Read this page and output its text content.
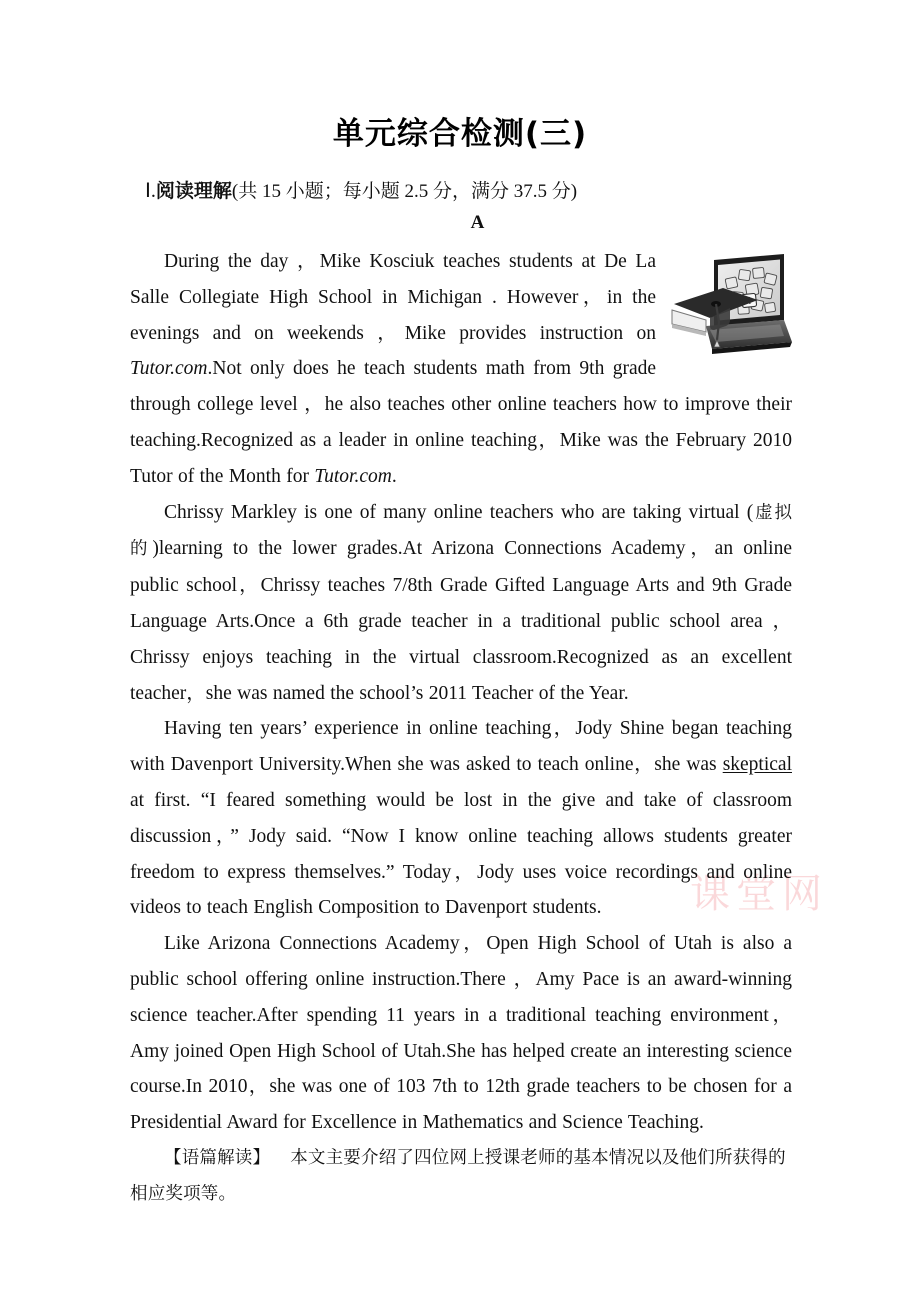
课堂网
单元综合检测(三)
Ⅰ.阅读理解(共 15 小题；每小题 2.5 分，满分 37.5 分)
A

During the day ，Mike Kosciuk teaches students at De La Salle Collegiate High School in Michigan . However，in the evenings and on weekends ，Mike provides instruction on Tutor.com.Not only does he teach students math from 9th grade through college level ，he also teaches other online teachers how to improve their teaching.Recognized as a leader in online teaching，Mike was the February 2010 Tutor of the Month for Tutor.com.

Chrissy Markley is one of many online teachers who are taking virtual (虚拟的)learning to the lower grades.At Arizona Connections Academy，an online public school，Chrissy teaches 7/8th Grade Gifted Language Arts and 9th Grade Language Arts.Once a 6th grade teacher in a traditional public school area ，Chrissy enjoys teaching in the virtual classroom.Recognized as an excellent teacher，she was named the school’s 2011 Teacher of the Year.

Having ten years’ experience in online teaching，Jody Shine began teaching with Davenport University.When she was asked to teach online，she was skeptical at first. “I feared something would be lost in the give and take of classroom discussion，” Jody said. “Now I know online teaching allows students greater freedom to express themselves.” Today，Jody uses voice recordings and online videos to teach English Composition to Davenport students.

Like Arizona Connections Academy，Open High School of Utah is also a public school offering online instruction.There ，Amy Pace is an award‐winning science teacher.After spending 11 years in a traditional teaching environment，Amy joined Open High School of Utah.She has helped create an interesting science course.In 2010，she was one of 103 7th to 12th grade teachers to be chosen for a Presidential Award for Excellence in Mathematics and Science Teaching.

【语篇解读】 本文主要介绍了四位网上授课老师的基本情况以及他们所获得的相应奖项等。
